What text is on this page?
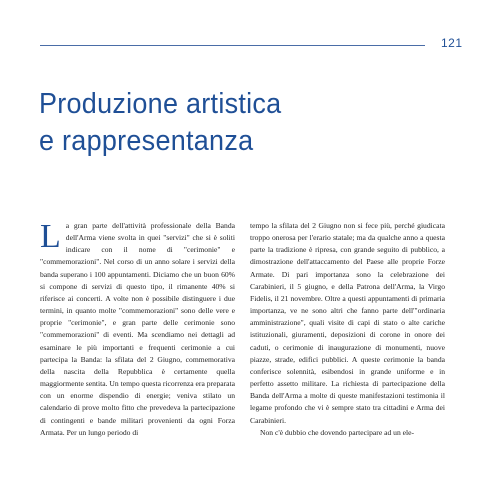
121
Produzione artistica
e rappresentanza

La gran parte dell'attività professionale della Banda dell'Arma viene svolta in quei "servizi" che si è soliti indicare con il nome di "cerimonie" e "commemorazioni". Nel corso di un anno solare i servizi della banda superano i 100 appuntamenti. Diciamo che un buon 60% si compone di servizi di questo tipo, il rimanente 40% si riferisce ai concerti. A volte non è possibile distinguere i due termini, in quanto molte "commemorazioni" sono delle vere e proprie "cerimonie", e gran parte delle cerimonie sono "commemorazioni" di eventi. Ma scendiamo nei dettagli ad esaminare le più importanti e frequenti cerimonie a cui partecipa la Banda: la sfilata del 2 Giugno, commemorativa della nascita della Repubblica è certamente quella maggiormente sentita. Un tempo questa ricorrenza era preparata con un enorme dispendio di energie; veniva stilato un calendario di prove molto fitto che prevedeva la partecipazione di contingenti e bande militari provenienti da ogni Forza Armata. Per un lungo periodo di

tempo la sfilata del 2 Giugno non si fece più, perché giudicata troppo onerosa per l'erario statale; ma da qualche anno a questa parte la tradizione è ripresa, con grande seguito di pubblico, a dimostrazione dell'attaccamento del Paese alle proprie Forze Armate. Di pari importanza sono la celebrazione dei Carabinieri, il 5 giugno, e della Patrona dell'Arma, la Virgo Fidelis, il 21 novembre. Oltre a questi appuntamenti di primaria importanza, ve ne sono altri che fanno parte dell'"ordinaria amministrazione", quali visite di capi di stato o alte cariche istituzionali, giuramenti, deposizioni di corone in onore dei caduti, o cerimonie di inaugurazione di monumenti, nuove piazze, strade, edifici pubblici. A queste cerimonie la banda conferisce solennità, esibendosi in grande uniforme e in perfetto assetto militare. La richiesta di partecipazione della Banda dell'Arma a molte di queste manifestazioni testimonia il legame profondo che vi è sempre stato tra cittadini e Arma dei Carabinieri.

Non c'è dubbio che dovendo partecipare ad un ele-
